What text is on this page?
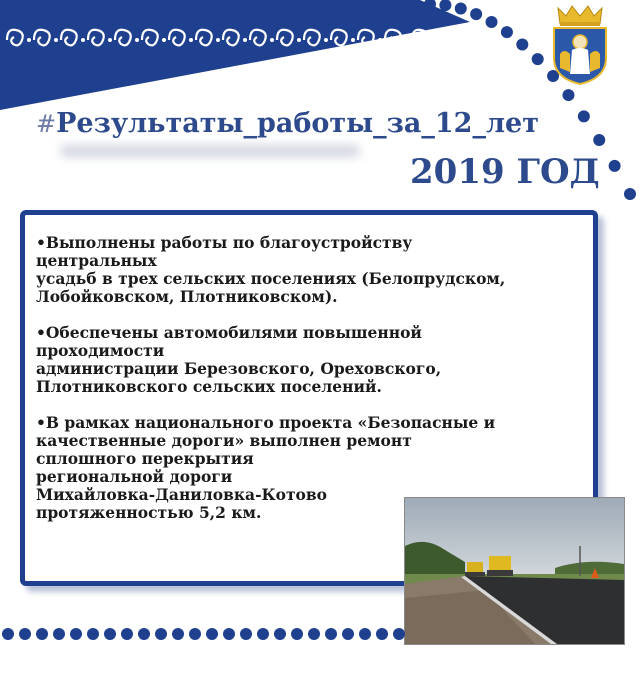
#Результаты_работы_за_12_лет
2019 ГОД
•Выполнены работы по благоустройству
центральных
усадьб в трех сельских поселениях (Белопрудском,
Лобойковском, Плотниковском).
•Обеспечены автомобилями повышенной
проходимости
администрации Березовского, Ореховского,
Плотниковского сельских поселений.
•В рамках национального проекта «Безопасные и
качественные дороги» выполнен ремонт
сплошного перекрытия
региональной дороги
Михайловка-Даниловка-Котово
протяженностью 5,2 км.
